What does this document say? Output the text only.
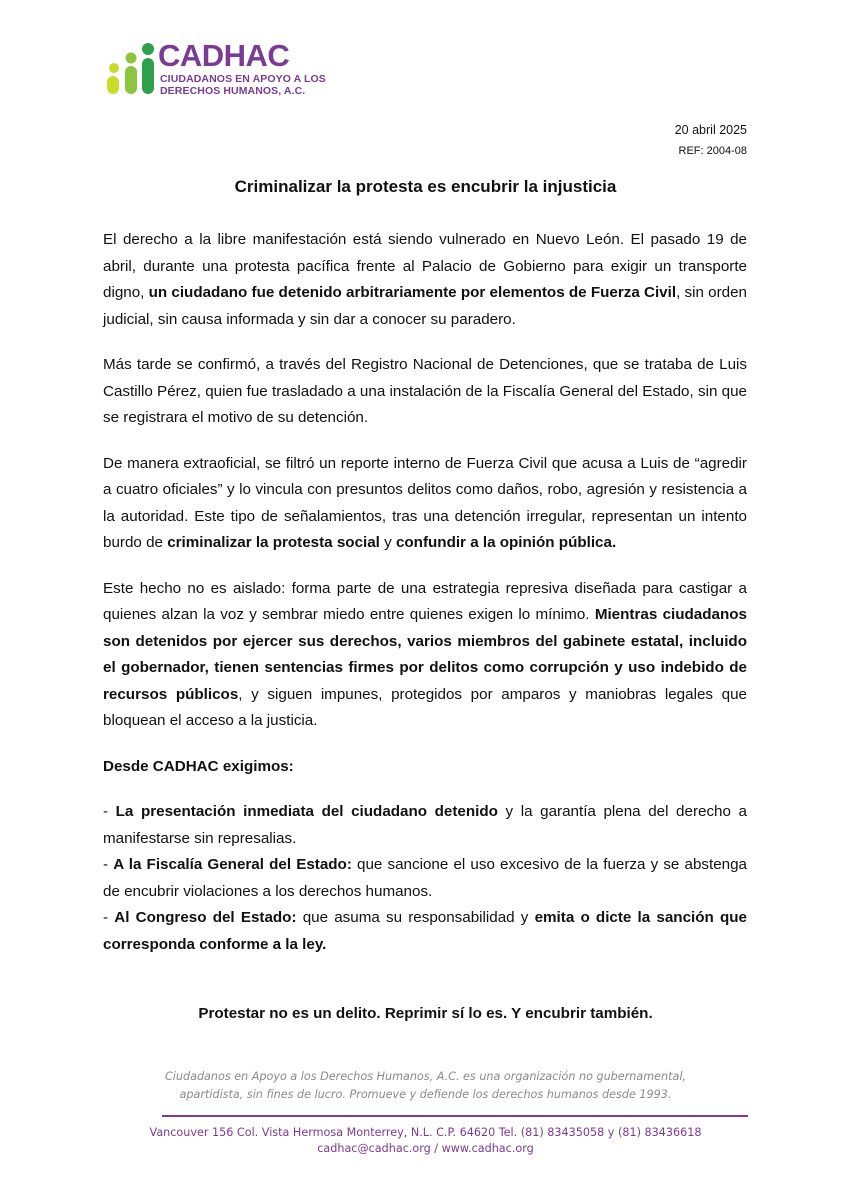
CADHAC
CIUDADANOS EN APOYO A LOS
DERECHOS HUMANOS, A.C.
20 abril 2025
REF: 2004-08
Criminalizar la protesta es encubrir la injusticia

El derecho a la libre manifestación está siendo vulnerado en Nuevo León. El pasado 19 de abril, durante una protesta pacífica frente al Palacio de Gobierno para exigir un transporte digno, un ciudadano fue detenido arbitrariamente por elementos de Fuerza Civil, sin orden judicial, sin causa informada y sin dar a conocer su paradero.

Más tarde se confirmó, a través del Registro Nacional de Detenciones, que se trataba de Luis Castillo Pérez, quien fue trasladado a una instalación de la Fiscalía General del Estado, sin que se registrara el motivo de su detención.

De manera extraoficial, se filtró un reporte interno de Fuerza Civil que acusa a Luis de “agredir a cuatro oficiales” y lo vincula con presuntos delitos como daños, robo, agresión y resistencia a la autoridad. Este tipo de señalamientos, tras una detención irregular, representan un intento burdo de criminalizar la protesta social y confundir a la opinión pública.

Este hecho no es aislado: forma parte de una estrategia represiva diseñada para castigar a quienes alzan la voz y sembrar miedo entre quienes exigen lo mínimo. Mientras ciudadanos son detenidos por ejercer sus derechos, varios miembros del gabinete estatal, incluido el gobernador, tienen sentencias firmes por delitos como corrupción y uso indebido de recursos públicos, y siguen impunes, protegidos por amparos y maniobras legales que bloquean el acceso a la justicia.

Desde CADHAC exigimos:

- La presentación inmediata del ciudadano detenido y la garantía plena del derecho a manifestarse sin represalias.

- A la Fiscalía General del Estado: que sancione el uso excesivo de la fuerza y se abstenga de encubrir violaciones a los derechos humanos.

- Al Congreso del Estado: que asuma su responsabilidad y emita o dicte la sanción que corresponda conforme a la ley.

Protestar no es un delito. Reprimir sí lo es. Y encubrir también.
Ciudadanos en Apoyo a los Derechos Humanos, A.C. es una organización no gubernamental,
apartidista, sin fines de lucro. Promueve y defiende los derechos humanos desde 1993.
Vancouver 156 Col. Vista Hermosa Monterrey, N.L. C.P. 64620 Tel. (81) 83435058 y (81) 83436618
cadhac@cadhac.org / www.cadhac.org
